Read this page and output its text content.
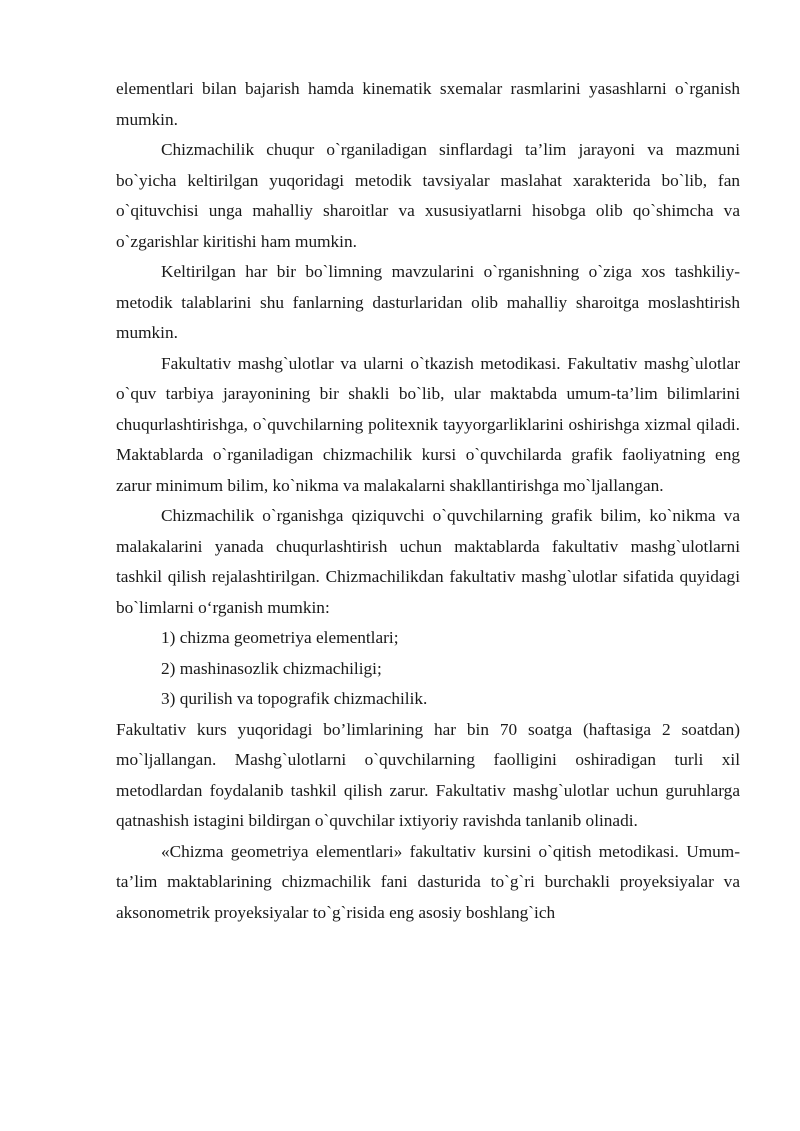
elementlari bilan bajarish hamda kinematik sxemalar rasmlarini yasashlarni o`rganish mumkin.

Chizmachilik chuqur o`rganiladigan sinflardagi ta’lim jarayoni va mazmuni bo`yicha keltirilgan yuqoridagi metodik tavsiyalar maslahat xarakterida bo`lib, fan o`qituvchisi unga mahalliy sharoitlar va xususiyatlarni hisobga olib qo`shimcha va o`zgarishlar kiritishi ham mumkin.

Keltirilgan har bir bo`limning mavzularini o`rganishning o`ziga xos tashkiliy-metodik talablarini shu fanlarning dasturlaridan olib mahalliy sharoitga moslashtirish mumkin.

Fakultativ mashg`ulotlar va ularni o`tkazish metodikasi. Fakultativ mashg`ulotlar o`quv tarbiya jarayonining bir shakli bo`lib, ular maktabda umum-ta’lim bilimlarini chuqurlashtirishga, o`quvchilarning politexnik tayyorgarliklarini oshirishga xizmal qiladi. Maktablarda o`rganiladigan chizmachilik kursi o`quvchilarda grafik faoliyatning eng zarur minimum bilim, ko`nikma va malakalarni shakllantirishga mo`ljallangan.

Chizmachilik o`rganishga qiziquvchi o`quvchilarning grafik bilim, ko`nikma va malakalarini yanada chuqurlashtirish uchun maktablarda fakultativ mashg`ulotlarni tashkil qilish rejalashtirilgan. Chizmachilikdan fakultativ mashg`ulotlar sifatida quyidagi bo`limlarni o‘rganish mumkin:

1) chizma geometriya elementlari;

2) mashinasozlik chizmachiligi;

3) qurilish va topografik chizmachilik.

Fakultativ kurs yuqoridagi bo’limlarining har bin 70 soatga (haftasiga 2 soatdan) mo`ljallangan. Mashg`ulotlarni o`quvchilarning faolligini oshiradigan turli xil metodlardan foydalanib tashkil qilish zarur. Fakultativ mashg`ulotlar uchun guruhlarga qatnashish istagini bildirgan o`quvchilar ixtiyoriy ravishda tanlanib olinadi.

«Chizma geometriya elementlari» fakultativ kursini o`qitish metodikasi. Umum-ta’lim maktablarining chizmachilik fani dasturida to`g`ri burchakli proyeksiyalar va aksonometrik proyeksiyalar to`g`risida eng asosiy boshlang`ich
